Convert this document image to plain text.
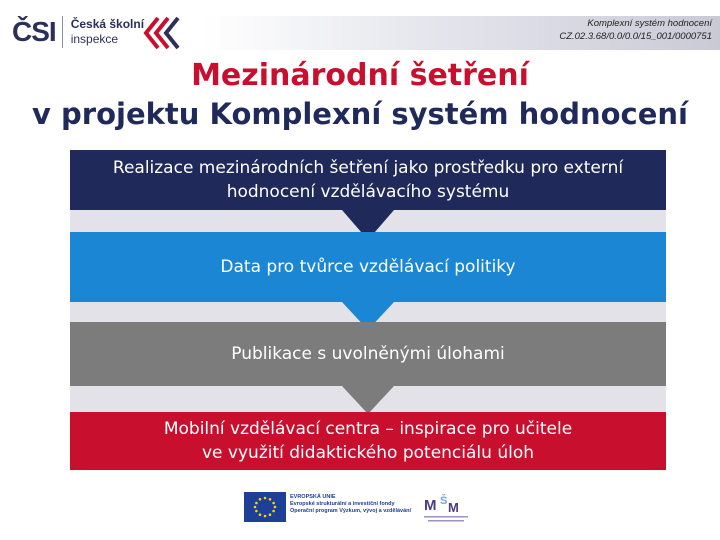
ČSI Česká školní
inspekce
Komplexní systém hodnocení
CZ.02.3.68/0.0/0.0/15_001/0000751
Mezinárodní šetření
v projektu Komplexní systém hodnocení
Realizace mezinárodních šetření jako prostředku pro externí
hodnocení vzdělávacího systému
Data pro tvůrce vzdělávací politiky
Publikace s uvolněnými úlohami
Mobilní vzdělávací centra – inspirace pro učitele
ve využití didaktického potenciálu úloh
EVROPSKÁ UNIE
Evropské strukturální a investiční fondy
Operační program Výzkum, vývoj a vzdělávání M Š M
